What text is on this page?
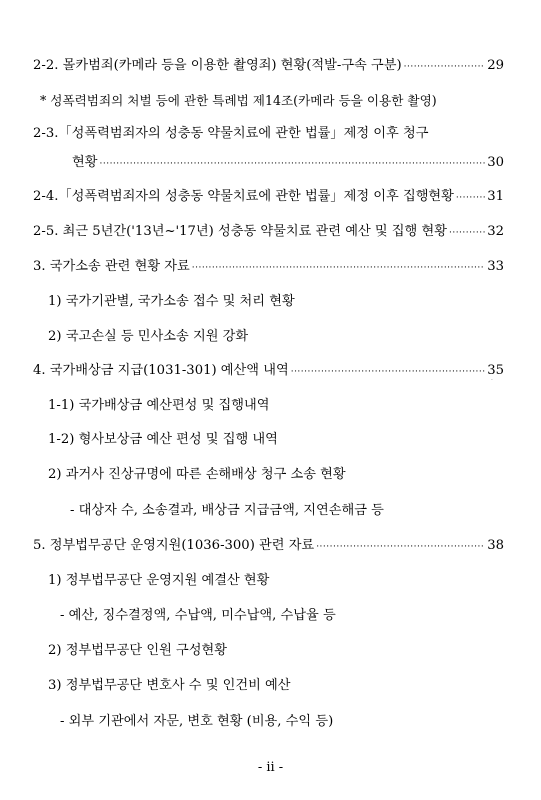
2-2. 몰카범죄(카메라 등을 이용한 촬영죄) 현황(적발-구속 구분) ·····	29
* 성폭력범죄의 처벌 등에 관한 특례법 제14조(카메라 등을 이용한 촬영)
2-3.「성폭력범죄자의 성충동 약물치료에 관한 법률」제정 이후 청구
현황 ·····	30
2-4.「성폭력범죄자의 성충동 약물치료에 관한 법률」제정 이후 집행현황 ·····	31
2-5. 최근 5년간('13년~'17년) 성충동 약물치료 관련 예산 및 집행 현황 ·····	32
3. 국가소송 관련 현황 자료 ·····	33
1) 국가기관별, 국가소송 접수 및 처리 현황
2) 국고손실 등 민사소송 지원 강화
4. 국가배상금 지급(1031-301) 예산액 내역 ·····	35
·
1-1) 국가배상금 예산편성 및 집행내역
1-2) 형사보상금 예산 편성 및 집행 내역
2) 과거사 진상규명에 따른 손해배상 청구 소송 현황
- 대상자 수, 소송결과, 배상금 지급금액, 지연손해금 등
5. 정부법무공단 운영지원(1036-300) 관련 자료 ·····	38
1) 정부법무공단 운영지원 예결산 현황
- 예산, 징수결정액, 수납액, 미수납액, 수납율 등
2) 정부법무공단 인원 구성현황
3) 정부법무공단 변호사 수 및 인건비 예산
- 외부 기관에서 자문, 변호 현황 (비용, 수익 등)
- ii -
